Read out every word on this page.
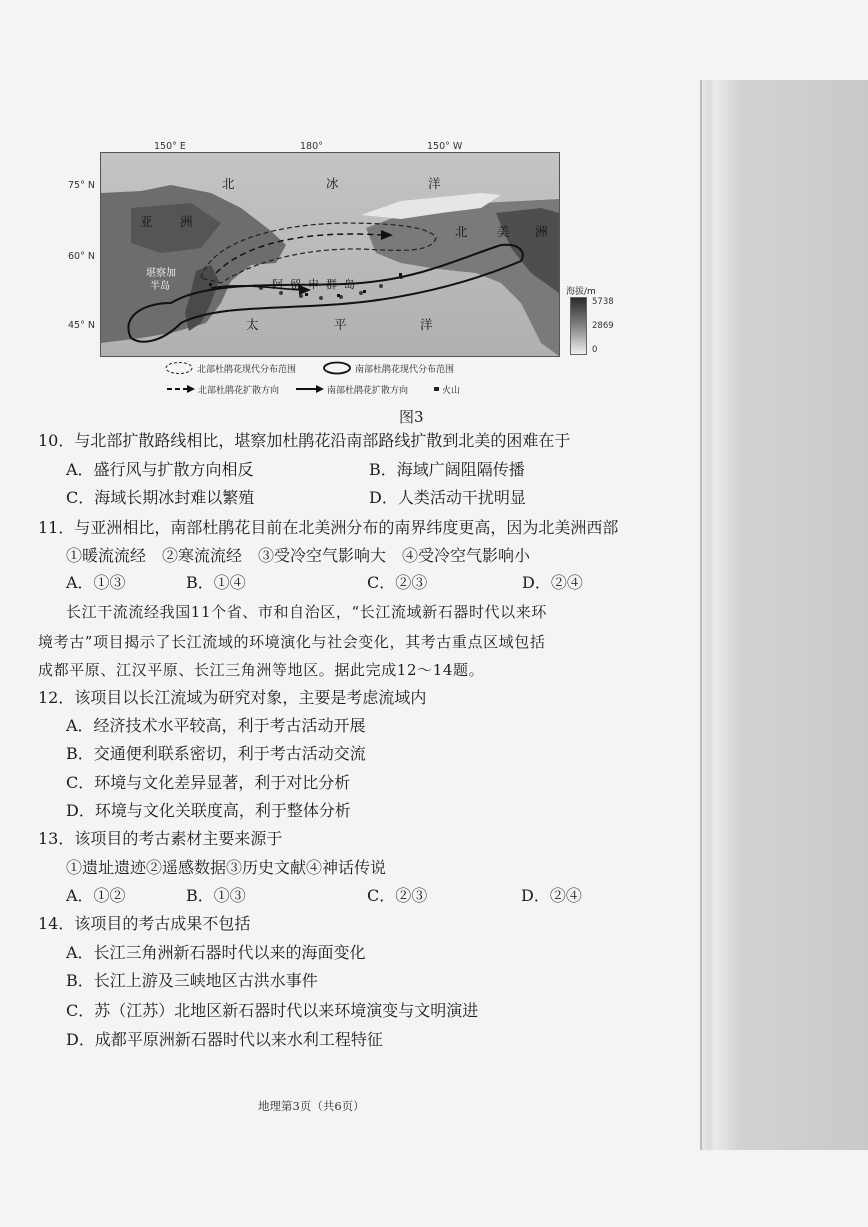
150° E	180°	150° W
75° N
60° N
45° N
北	冰	洋
亚 洲
北 美 洲
堪察加
半岛	阿留申群岛
太	平	洋
海拔/m
5738
2869
0
北部杜鹃花现代分布范围	南部杜鹃花现代分布范围
北部杜鹃花扩散方向	南部杜鹃花扩散方向	火山
图3
10．与北部扩散路线相比，堪察加杜鹃花沿南部路线扩散到北美的困难在于
A．盛行风与扩散方向相反	B．海域广阔阻隔传播
C．海域长期冰封难以繁殖	D．人类活动干扰明显
11．与亚洲相比，南部杜鹃花目前在北美洲分布的南界纬度更高，因为北美洲西部
①暖流流经　②寒流流经　③受冷空气影响大　④受冷空气影响小
A．①③	B．①④	C．②③	D．②④
长江干流流经我国11个省、市和自治区，“长江流域新石器时代以来环
境考古”项目揭示了长江流域的环境演化与社会变化，其考古重点区域包括
成都平原、江汉平原、长江三角洲等地区。据此完成12～14题。
12．该项目以长江流域为研究对象，主要是考虑流域内
A．经济技术水平较高，利于考古活动开展
B．交通便利联系密切，利于考古活动交流
C．环境与文化差异显著，利于对比分析
D．环境与文化关联度高，利于整体分析
13．该项目的考古素材主要来源于
①遗址遗迹②遥感数据③历史文献④神话传说
A．①②	B．①③	C．②③	D．②④
14．该项目的考古成果不包括
A．长江三角洲新石器时代以来的海面变化
B．长江上游及三峡地区古洪水事件
C．苏（江苏）北地区新石器时代以来环境演变与文明演进
D．成都平原洲新石器时代以来水利工程特征
地理第3页（共6页）
